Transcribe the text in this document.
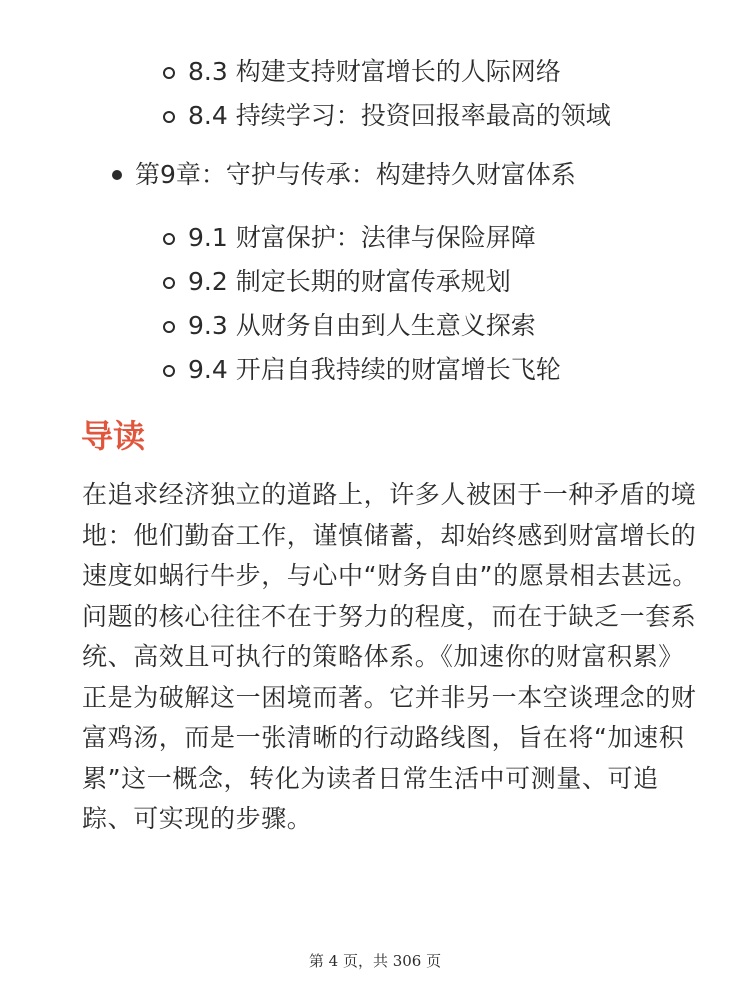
8.3 构建支持财富增长的人际网络
8.4 持续学习：投资回报率最高的领域
第9章：守护与传承：构建持久财富体系
9.1 财富保护：法律与保险屏障
9.2 制定长期的财富传承规划
9.3 从财务自由到人生意义探索
9.4 开启自我持续的财富增长飞轮
导读

在追求经济独立的道路上，许多人被困于一种矛盾的境地：他们勤奋工作，谨慎储蓄，却始终感到财富增长的速度如蜗行牛步，与心中“财务自由”的愿景相去甚远。问题的核心往往不在于努力的程度，而在于缺乏一套系统、高效且可执行的策略体系。《加速你的财富积累》正是为破解这一困境而著。它并非另一本空谈理念的财富鸡汤，而是一张清晰的行动路线图，旨在将“加速积累”这一概念，转化为读者日常生活中可测量、可追踪、可实现的步骤。

第 4 页，共 306 页
